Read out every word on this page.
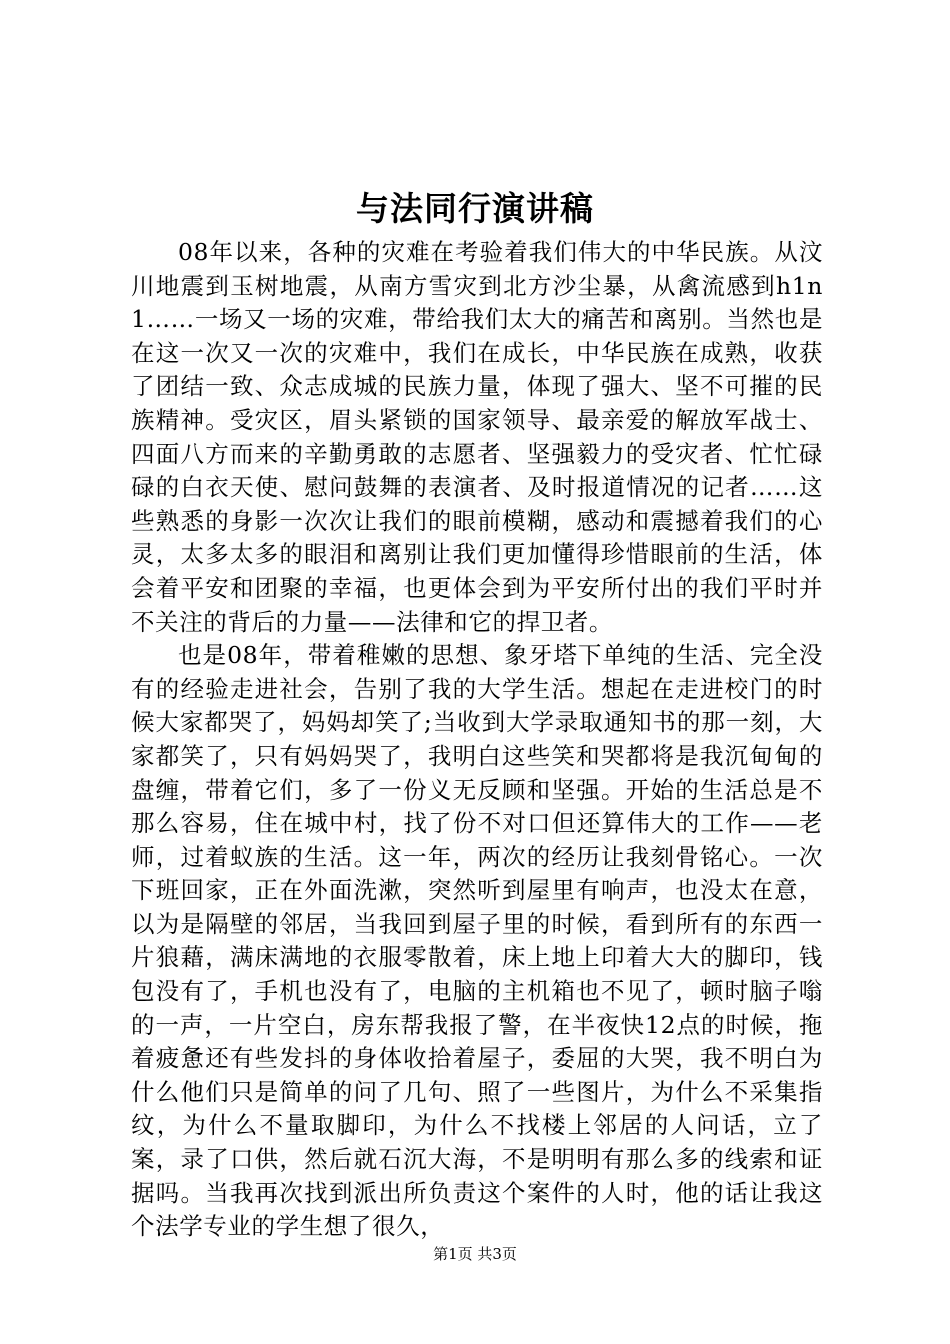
与法同行演讲稿

08年以来，各种的灾难在考验着我们伟大的中华民族。从汶川地震到玉树地震，从南方雪灾到北方沙尘暴，从禽流感到h1n1……一场又一场的灾难，带给我们太大的痛苦和离别。当然也是在这一次又一次的灾难中，我们在成长，中华民族在成熟，收获了团结一致、众志成城的民族力量，体现了强大、坚不可摧的民族精神。受灾区，眉头紧锁的国家领导、最亲爱的解放军战士、四面八方而来的辛勤勇敢的志愿者、坚强毅力的受灾者、忙忙碌碌的白衣天使、慰问鼓舞的表演者、及时报道情况的记者……这些熟悉的身影一次次让我们的眼前模糊，感动和震撼着我们的心灵，太多太多的眼泪和离别让我们更加懂得珍惜眼前的生活，体会着平安和团聚的幸福，也更体会到为平安所付出的我们平时并不关注的背后的力量——法律和它的捍卫者。

也是08年，带着稚嫩的思想、象牙塔下单纯的生活、完全没有的经验走进社会，告别了我的大学生活。想起在走进校门的时候大家都哭了，妈妈却笑了;当收到大学录取通知书的那一刻，大家都笑了，只有妈妈哭了，我明白这些笑和哭都将是我沉甸甸的盘缠，带着它们，多了一份义无反顾和坚强。开始的生活总是不那么容易，住在城中村，找了份不对口但还算伟大的工作——老师，过着蚁族的生活。这一年，两次的经历让我刻骨铭心。一次下班回家，正在外面洗漱，突然听到屋里有响声，也没太在意，以为是隔壁的邻居，当我回到屋子里的时候，看到所有的东西一片狼藉，满床满地的衣服零散着，床上地上印着大大的脚印，钱包没有了，手机也没有了，电脑的主机箱也不见了，顿时脑子嗡的一声，一片空白，房东帮我报了警，在半夜快12点的时候，拖着疲惫还有些发抖的身体收拾着屋子，委屈的大哭，我不明白为什么他们只是简单的问了几句、照了一些图片，为什么不采集指纹，为什么不量取脚印，为什么不找楼上邻居的人问话，立了案，录了口供，然后就石沉大海，不是明明有那么多的线索和证据吗。当我再次找到派出所负责这个案件的人时，他的话让我这个法学专业的学生想了很久，

第1页 共3页
